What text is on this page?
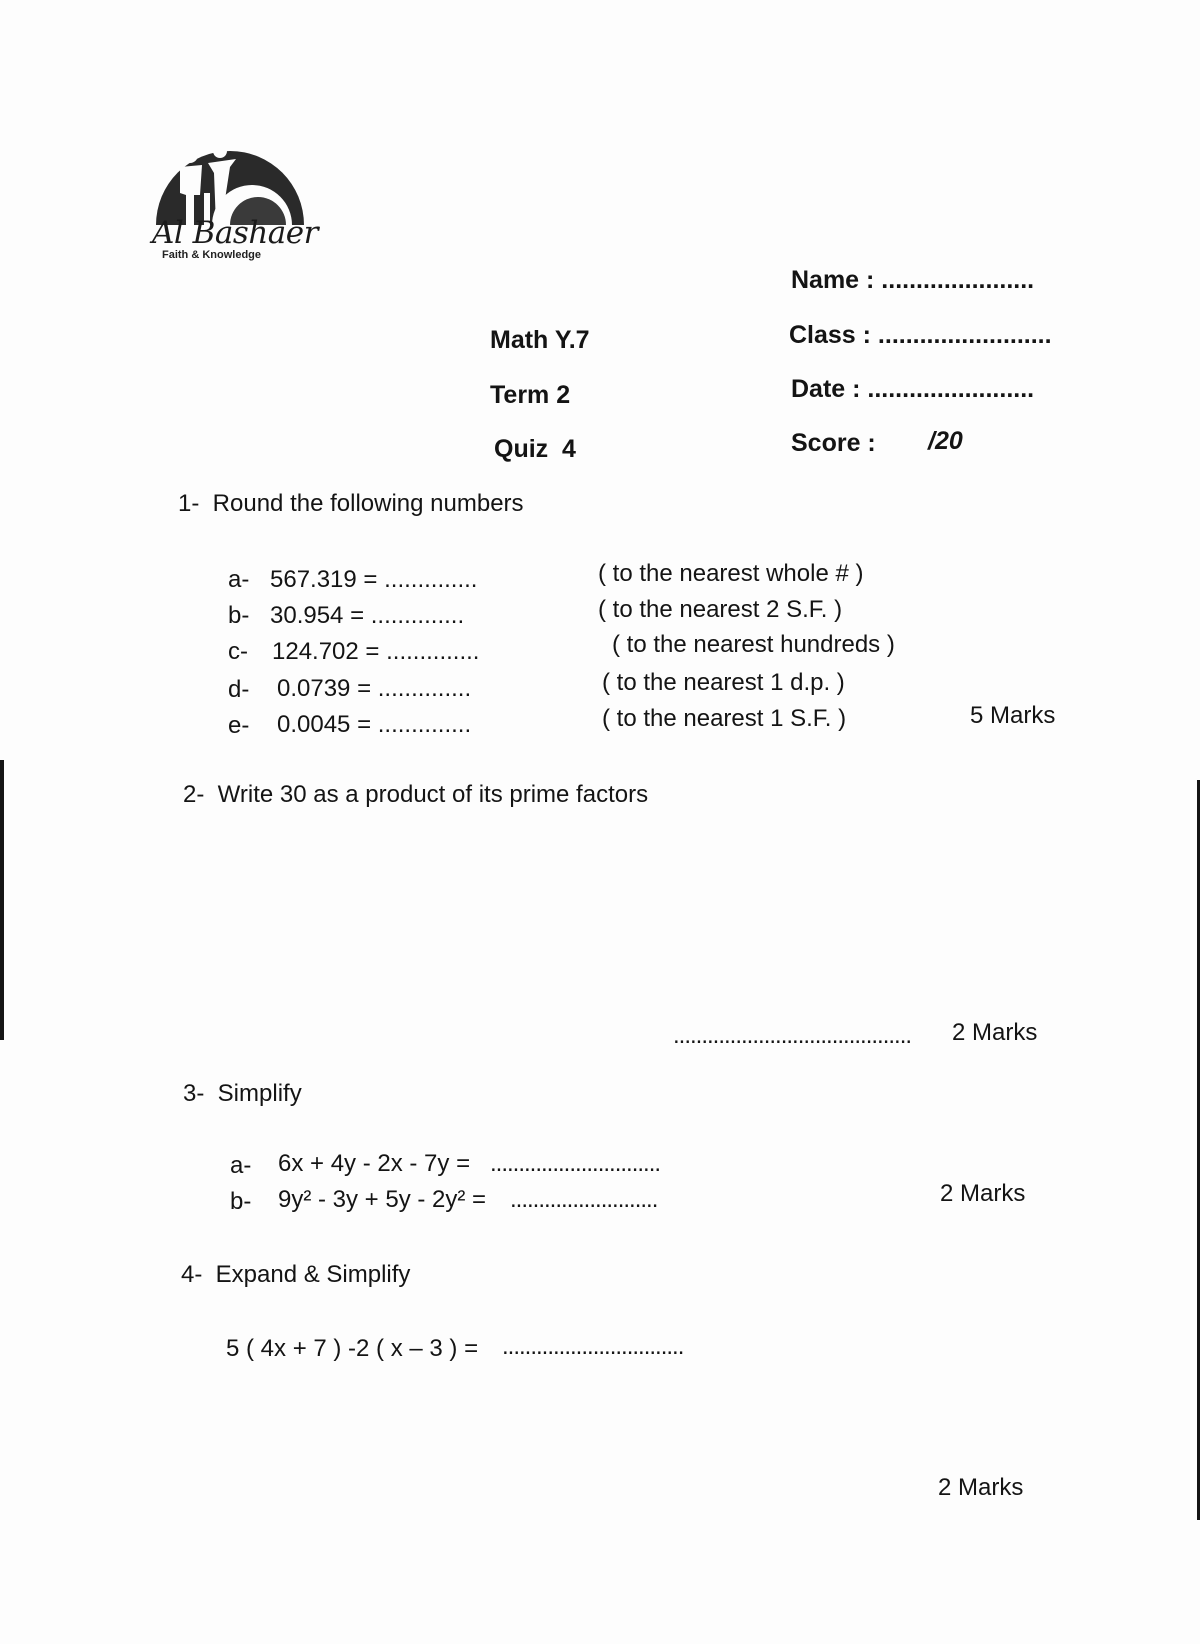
Al Bashaer
Faith & Knowledge
Math Y.7
Term 2
Quiz  4
Name : ......................
Class : .........................
Date : ........................
Score : /20
1-  Round the following numbers
a- 567.319 = ..............	( to the nearest whole # )
b- 30.954 = ..............	( to the nearest 2 S.F. )
c- 124.702 = ..............	( to the nearest hundreds )
d- 0.0739 = ..............	( to the nearest 1 d.p. )
e- 0.0045 = ..............	( to the nearest 1 S.F. )	5 Marks
2-  Write 30 as a product of its prime factors
.......................................... 2 Marks
3-  Simplify
a- 6x + 4y - 2x - 7y = ..............................
b- 9y² - 3y + 5y - 2y² = ..........................	2 Marks
4-  Expand & Simplify
5 ( 4x + 7 ) -2 ( x – 3 ) = ................................
2 Marks
